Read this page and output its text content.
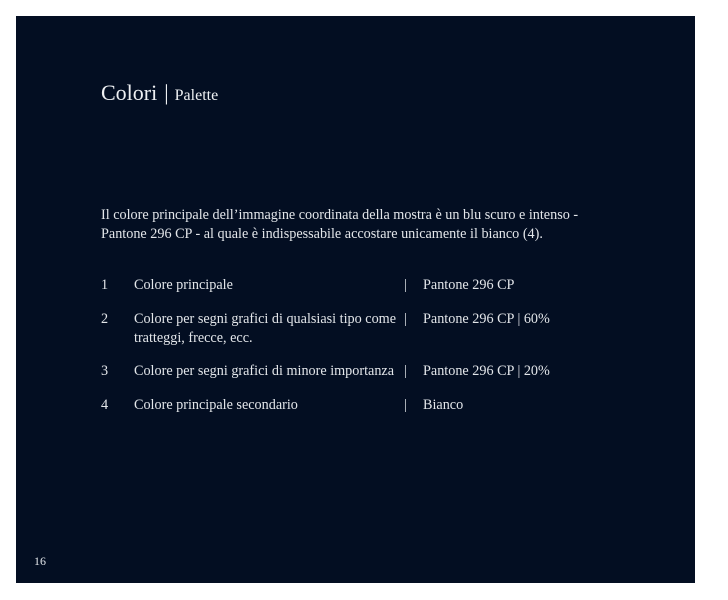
Colori | Palette

Il colore principale dell’immagine coordinata della mostra è un blu scuro e intenso - Pantone 296 CP - al quale è indispessabile accostare unicamente il bianco (4).

1 Colore principale	| Pantone 296 CP
2 Colore per segni grafici di qualsiasi tipo come tratteggi, frecce, ecc.
| Pantone 296 CP | 60%
3 Colore per segni grafici di minore importanza | Pantone 296 CP | 20%
4 Colore principale secondario	| Bianco
16
